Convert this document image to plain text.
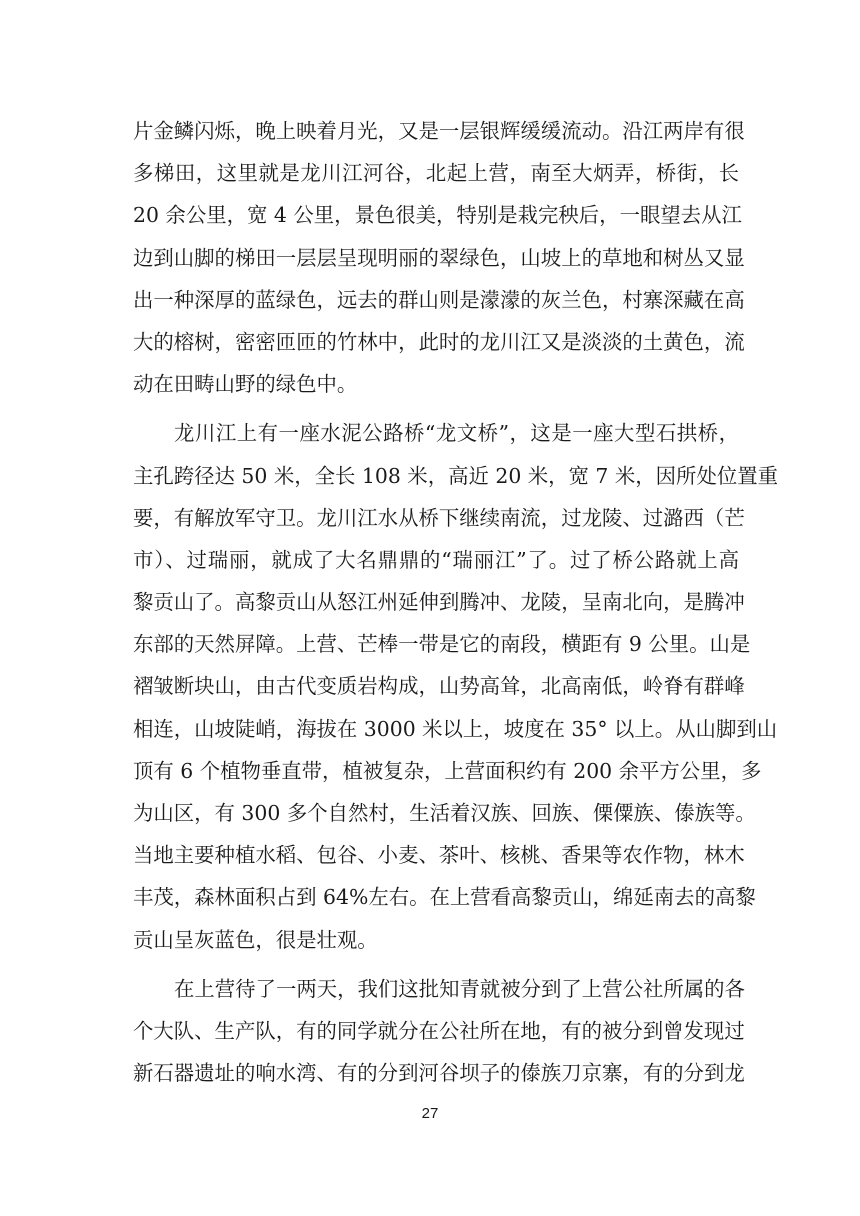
片金鳞闪烁，晚上映着月光，又是一层银辉缓缓流动。沿江两岸有很
多梯田，这里就是龙川江河谷，北起上营，南至大炳弄，桥街，长
20 余公里，宽 4 公里，景色很美，特别是栽完秧后，一眼望去从江
边到山脚的梯田一层层呈现明丽的翠绿色，山坡上的草地和树丛又显
出一种深厚的蓝绿色，远去的群山则是濛濛的灰兰色，村寨深藏在高
大的榕树，密密匝匝的竹林中，此时的龙川江又是淡淡的土黄色，流
动在田畴山野的绿色中。
龙川江上有一座水泥公路桥“龙文桥”，这是一座大型石拱桥，
主孔跨径达 50 米，全长 108 米，高近 20 米，宽 7 米，因所处位置重
要，有解放军守卫。龙川江水从桥下继续南流，过龙陵、过潞西（芒
市）、过瑞丽，就成了大名鼎鼎的“瑞丽江”了。过了桥公路就上高
黎贡山了。高黎贡山从怒江州延伸到腾冲、龙陵，呈南北向，是腾冲
东部的天然屏障。上营、芒棒一带是它的南段，横距有 9 公里。山是
褶皱断块山，由古代变质岩构成，山势高耸，北高南低，岭脊有群峰
相连，山坡陡峭，海拔在 3000 米以上，坡度在 35° 以上。从山脚到山
顶有 6 个植物垂直带，植被复杂，上营面积约有 200 余平方公里，多
为山区，有 300 多个自然村，生活着汉族、回族、傈僳族、傣族等。
当地主要种植水稻、包谷、小麦、茶叶、核桃、香果等农作物，林木
丰茂，森林面积占到 64%左右。在上营看高黎贡山，绵延南去的高黎
贡山呈灰蓝色，很是壮观。
在上营待了一两天，我们这批知青就被分到了上营公社所属的各
个大队、生产队，有的同学就分在公社所在地，有的被分到曾发现过
新石器遗址的响水湾、有的分到河谷坝子的傣族刀京寨，有的分到龙
27
